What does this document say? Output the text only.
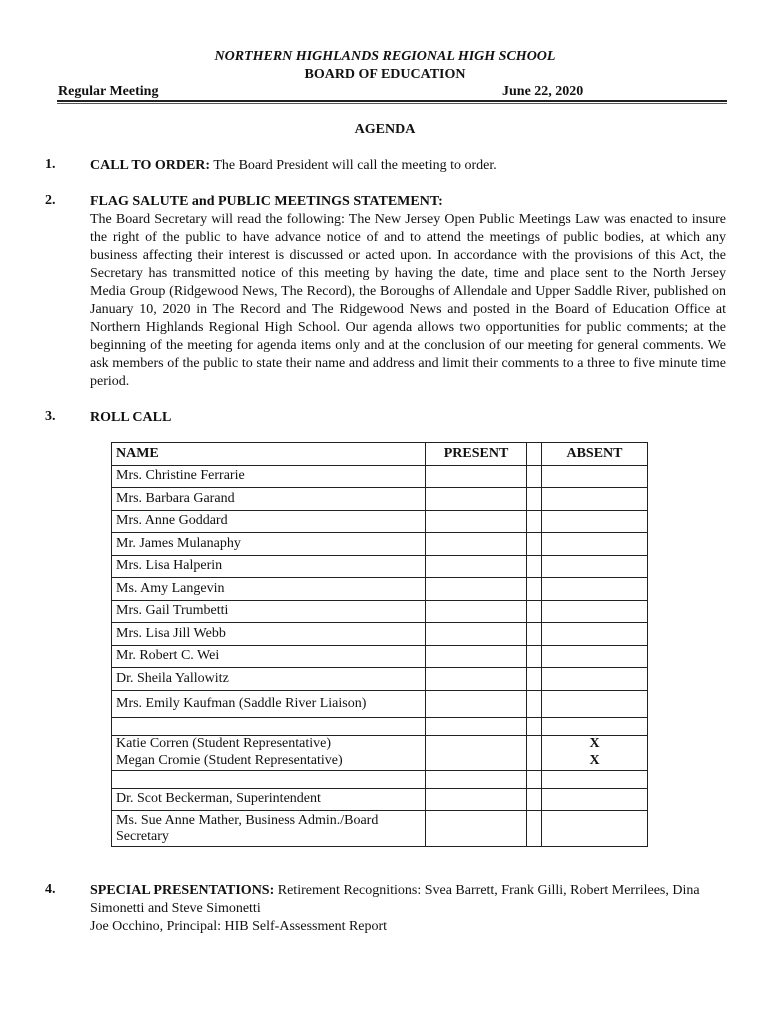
NORTHERN HIGHLANDS REGIONAL HIGH SCHOOL
BOARD OF EDUCATION
Regular Meeting	June 22, 2020
AGENDA
1. CALL TO ORDER: The Board President will call the meeting to order.
2. FLAG SALUTE and PUBLIC MEETINGS STATEMENT:
The Board Secretary will read the following: The New Jersey Open Public Meetings Law was enacted to insure the right of the public to have advance notice of and to attend the meetings of public bodies, at which any business affecting their interest is discussed or acted upon. In accordance with the provisions of this Act, the Secretary has transmitted notice of this meeting by having the date, time and place sent to the North Jersey Media Group (Ridgewood News, The Record), the Boroughs of Allendale and Upper Saddle River, published on January 10, 2020 in The Record and The Ridgewood News and posted in the Board of Education Office at Northern Highlands Regional High School. Our agenda allows two opportunities for public comments; at the beginning of the meeting for agenda items only and at the conclusion of our meeting for general comments. We ask members of the public to state their name and address and limit their comments to a three to five minute time period.
3. ROLL CALL
NAME	PRESENT		ABSENT
Mrs. Christine Ferrarie			
Mrs. Barbara Garand			
Mrs. Anne Goddard			
Mr. James Mulanaphy			
Mrs. Lisa Halperin			
Ms. Amy Langevin			
Mrs. Gail Trumbetti			
Mrs. Lisa Jill Webb			
Mr. Robert C. Wei			
Dr. Sheila Yallowitz			
Mrs. Emily Kaufman (Saddle River Liaison)			

Katie Corren (Student Representative)			X
Megan Cromie (Student Representative)			X

Dr. Scot Beckerman, Superintendent			
Ms. Sue Anne Mather, Business Admin./Board Secretary			
4. SPECIAL PRESENTATIONS: Retirement Recognitions: Svea Barrett, Frank Gilli, Robert Merrilees, Dina Simonetti and Steve Simonetti
Joe Occhino, Principal: HIB Self-Assessment Report
